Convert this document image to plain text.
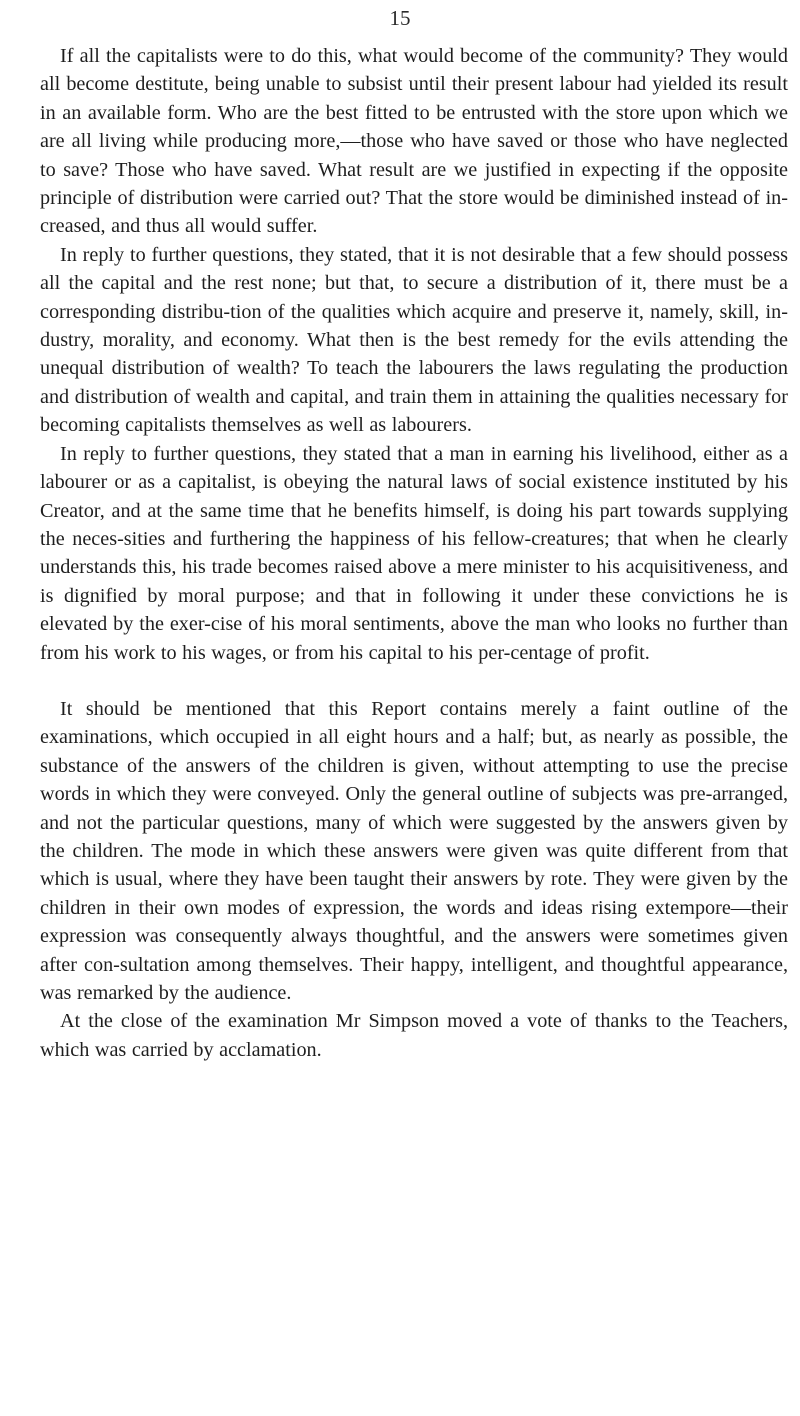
15

If all the capitalists were to do this, what would become of the community? They would all become destitute, being unable to subsist until their present labour had yielded its result in an available form. Who are the best fitted to be entrusted with the store upon which we are all living while producing more,—those who have saved or those who have neglected to save? Those who have saved. What result are we justified in expecting if the opposite principle of distribution were carried out? That the store would be diminished instead of in-creased, and thus all would suffer.

In reply to further questions, they stated, that it is not desirable that a few should possess all the capital and the rest none; but that, to secure a distribution of it, there must be a corresponding distribu-tion of the qualities which acquire and preserve it, namely, skill, in-dustry, morality, and economy. What then is the best remedy for the evils attending the unequal distribution of wealth? To teach the labourers the laws regulating the production and distribution of wealth and capital, and train them in attaining the qualities necessary for becoming capitalists themselves as well as labourers.

In reply to further questions, they stated that a man in earning his livelihood, either as a labourer or as a capitalist, is obeying the natural laws of social existence instituted by his Creator, and at the same time that he benefits himself, is doing his part towards supplying the neces-sities and furthering the happiness of his fellow-creatures; that when he clearly understands this, his trade becomes raised above a mere minister to his acquisitiveness, and is dignified by moral purpose; and that in following it under these convictions he is elevated by the exer-cise of his moral sentiments, above the man who looks no further than from his work to his wages, or from his capital to his per-centage of profit.

It should be mentioned that this Report contains merely a faint outline of the examinations, which occupied in all eight hours and a half; but, as nearly as possible, the substance of the answers of the children is given, without attempting to use the precise words in which they were conveyed. Only the general outline of subjects was pre-arranged, and not the particular questions, many of which were suggested by the answers given by the children. The mode in which these answers were given was quite different from that which is usual, where they have been taught their answers by rote. They were given by the children in their own modes of expression, the words and ideas rising extempore—their expression was consequently always thoughtful, and the answers were sometimes given after con-sultation among themselves. Their happy, intelligent, and thoughtful appearance, was remarked by the audience.

At the close of the examination Mr Simpson moved a vote of thanks to the Teachers, which was carried by acclamation.
